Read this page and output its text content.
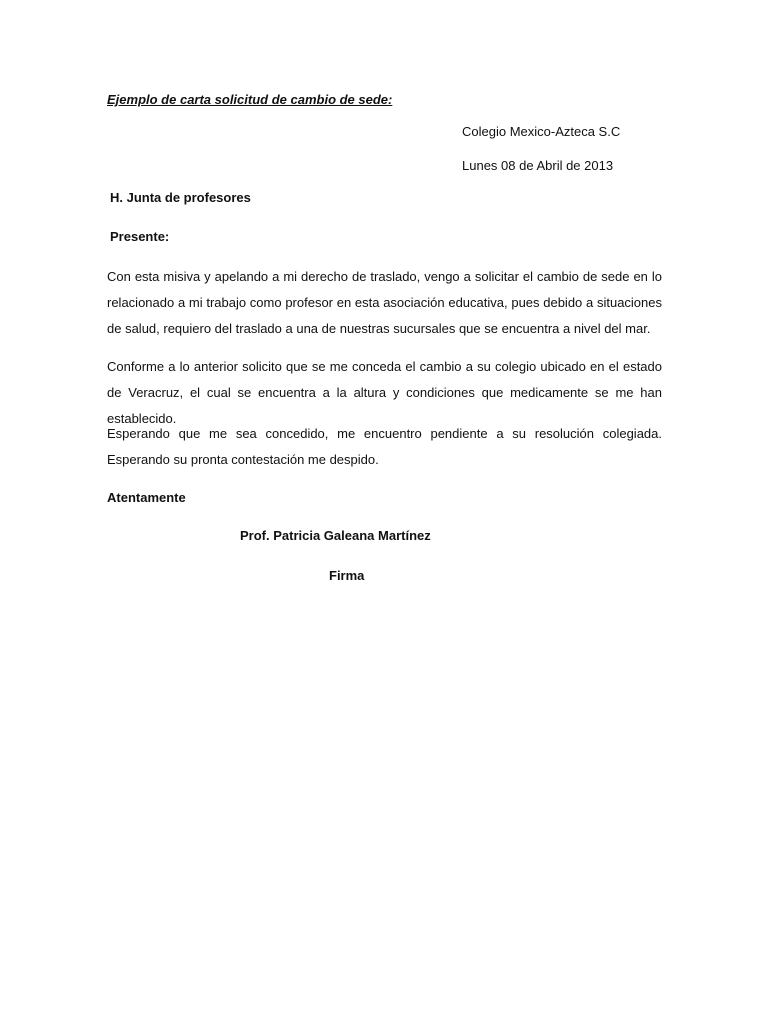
Ejemplo de carta solicitud de cambio de sede:

Colegio Mexico-Azteca S.C

Lunes 08 de Abril de 2013

H. Junta de profesores

Presente:

Con esta misiva y apelando a mi derecho de traslado, vengo a solicitar el cambio de sede en lo relacionado a mi trabajo como profesor en esta asociación educativa, pues debido a situaciones de salud, requiero del traslado a una de nuestras sucursales que se encuentra a nivel del mar.

Conforme a lo anterior solicito que se me conceda el cambio a su colegio ubicado en el estado de Veracruz, el cual se encuentra a la altura y condiciones que medicamente se me han establecido.

Esperando que me sea concedido, me encuentro pendiente a su resolución colegiada. Esperando su pronta contestación me despido.

Atentamente

Prof. Patricia Galeana Martínez

Firma
